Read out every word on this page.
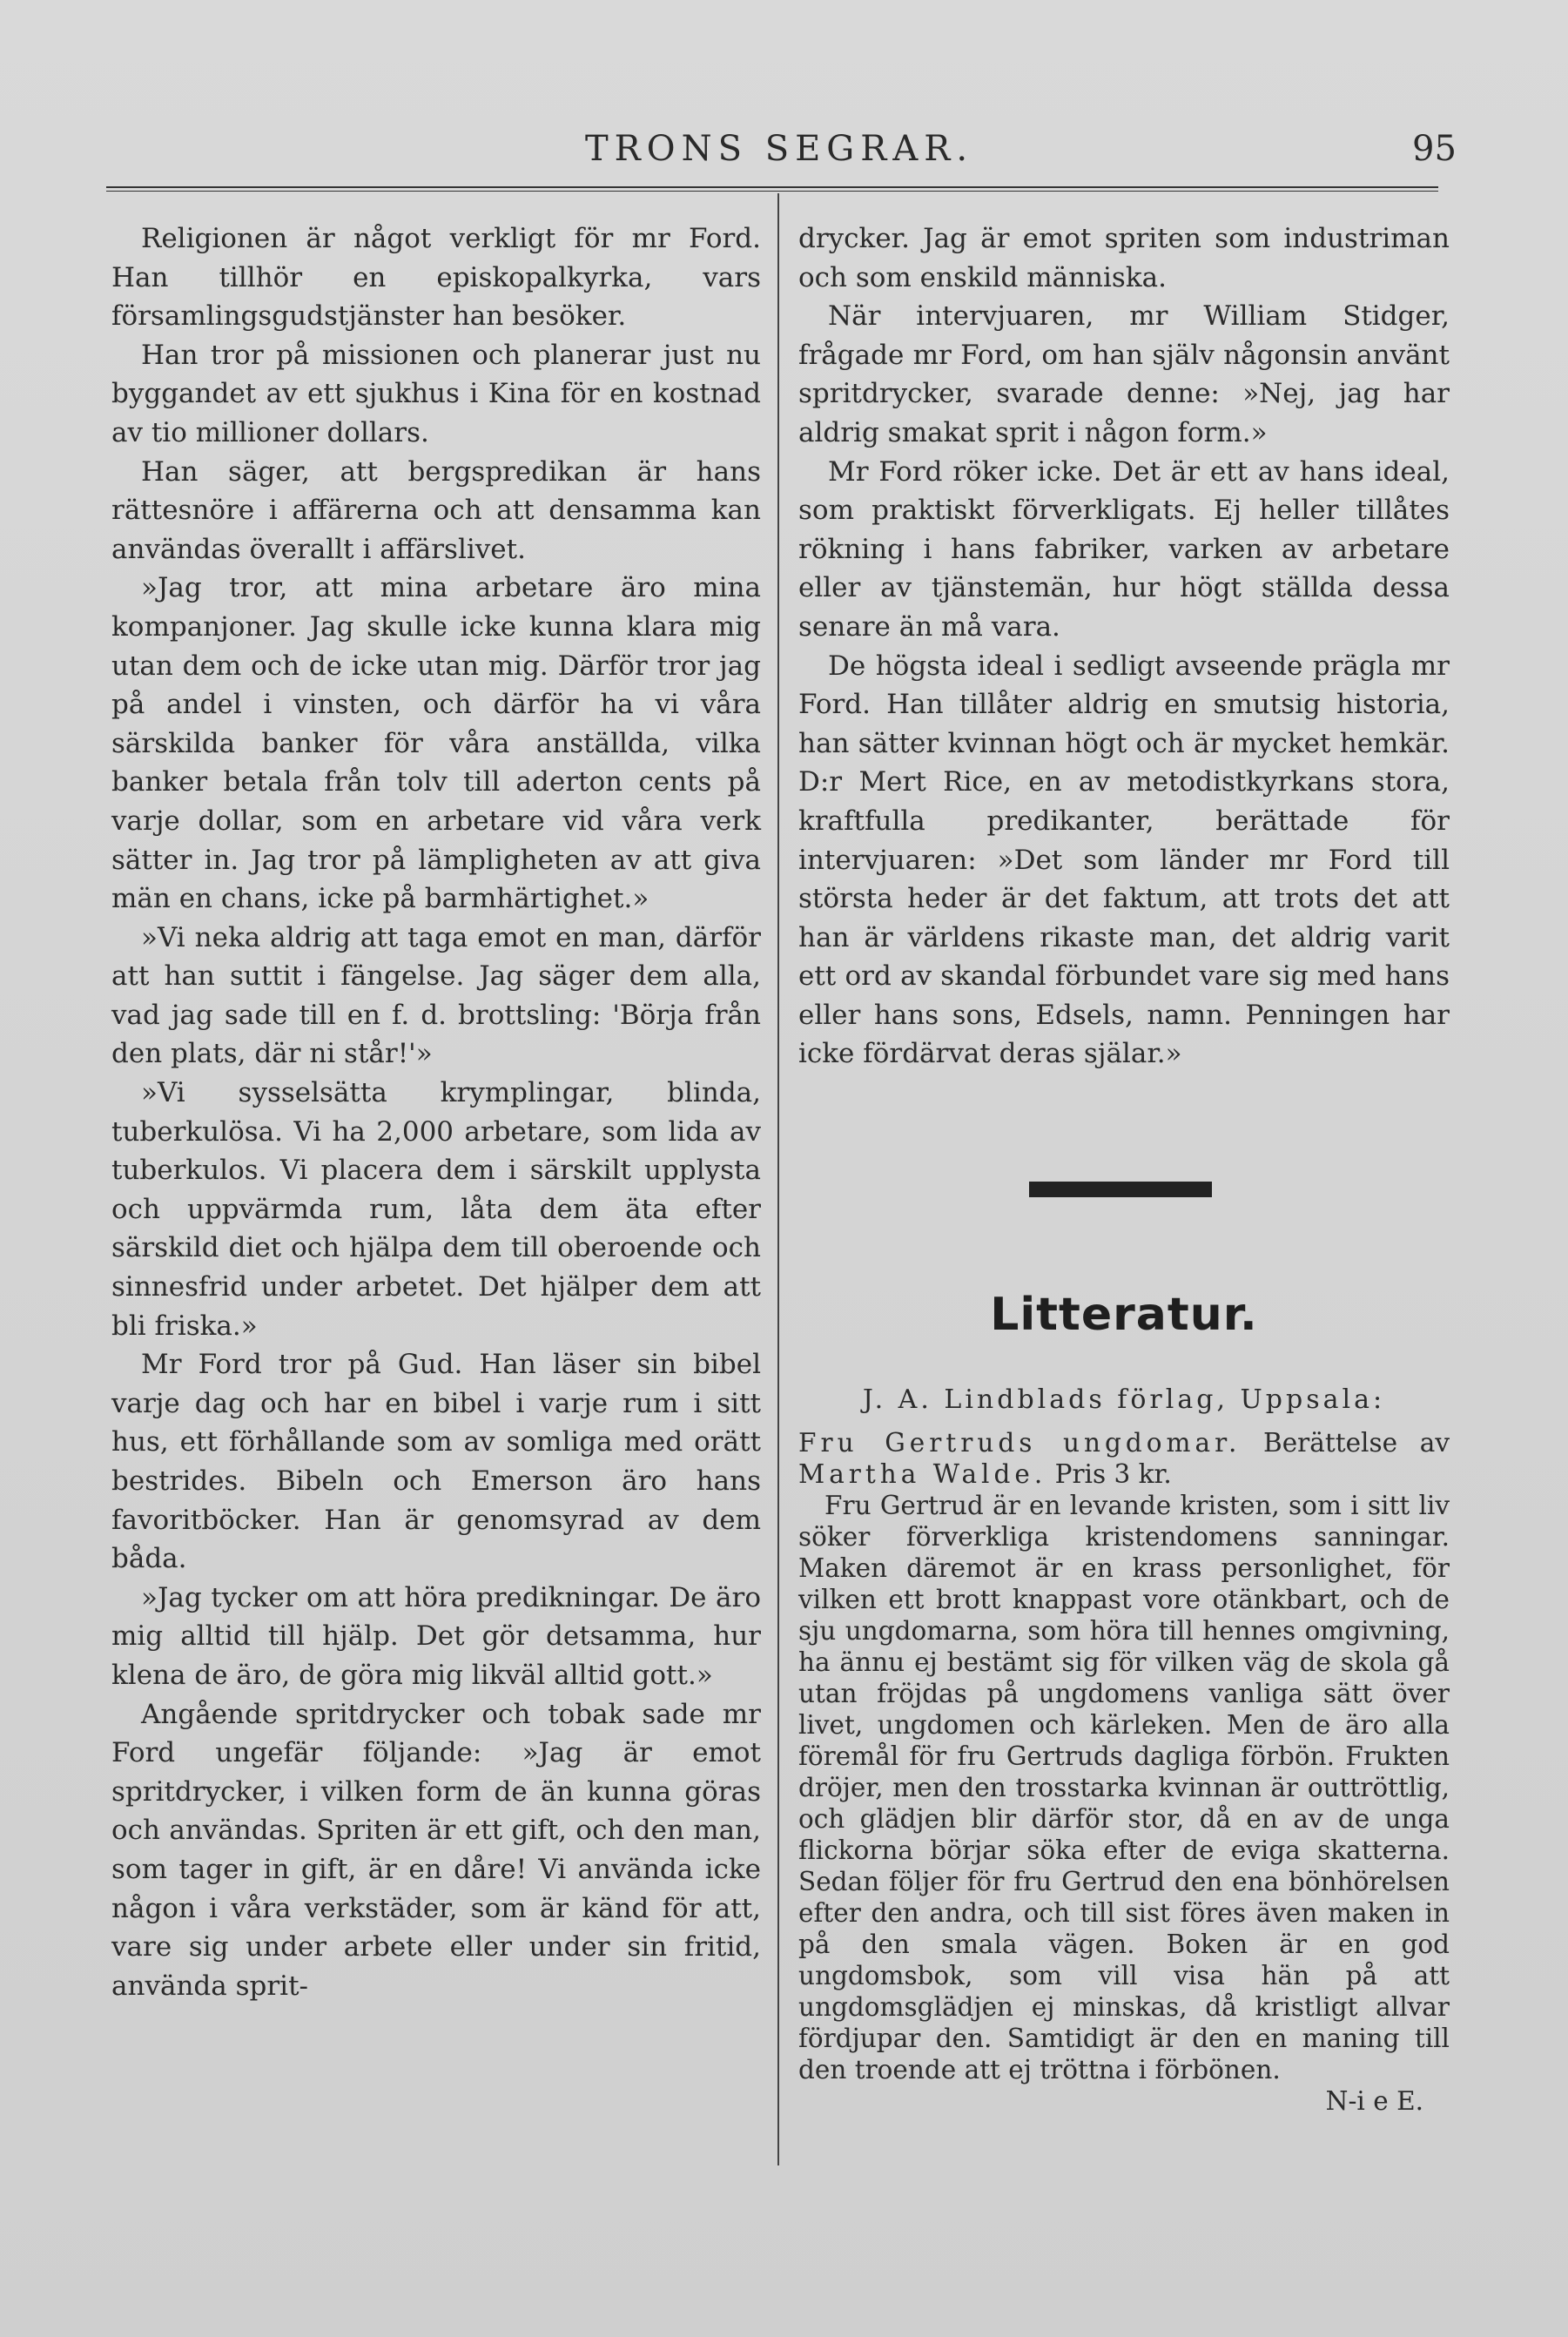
TRONS SEGRAR.	95

Religionen är något verkligt för mr Ford. Han tillhör en episkopalkyrka, vars församlingsgudstjänster han besöker.

Han tror på missionen och planerar just nu byggandet av ett sjukhus i Kina för en kostnad av tio millioner dollars.

Han säger, att bergspredikan är hans rättesnöre i affärerna och att densamma kan användas överallt i affärslivet.

»Jag tror, att mina arbetare äro mina kompanjoner. Jag skulle icke kunna klara mig utan dem och de icke utan mig. Därför tror jag på andel i vinsten, och därför ha vi våra särskilda banker för våra anställda, vilka banker betala från tolv till aderton cents på varje dollar, som en arbetare vid våra verk sätter in. Jag tror på lämpligheten av att giva män en chans, icke på barmhärtighet.»

»Vi neka aldrig att taga emot en man, därför att han suttit i fängelse. Jag säger dem alla, vad jag sade till en f. d. brottsling: 'Börja från den plats, där ni står!'»

»Vi sysselsätta krymplingar, blinda, tuberkulösa. Vi ha 2,000 arbetare, som lida av tuberkulos. Vi placera dem i särskilt upplysta och uppvärmda rum, låta dem äta efter särskild diet och hjälpa dem till oberoende och sinnesfrid under arbetet. Det hjälper dem att bli friska.»

Mr Ford tror på Gud. Han läser sin bibel varje dag och har en bibel i varje rum i sitt hus, ett förhållande som av somliga med orätt bestrides. Bibeln och Emerson äro hans favoritböcker. Han är genomsyrad av dem båda.

»Jag tycker om att höra predikningar. De äro mig alltid till hjälp. Det gör detsamma, hur klena de äro, de göra mig likväl alltid gott.»

Angående spritdrycker och tobak sade mr Ford ungefär följande: »Jag är emot spritdrycker, i vilken form de än kunna göras och användas. Spriten är ett gift, och den man, som tager in gift, är en dåre! Vi använda icke någon i våra verkstäder, som är känd för att, vare sig under arbete eller under sin fritid, använda sprit-

drycker. Jag är emot spriten som industriman och som enskild människa.

När intervjuaren, mr William Stidger, frågade mr Ford, om han själv någonsin använt spritdrycker, svarade denne: »Nej, jag har aldrig smakat sprit i någon form.»

Mr Ford röker icke. Det är ett av hans ideal, som praktiskt förverkligats. Ej heller tillåtes rökning i hans fabriker, varken av arbetare eller av tjänstemän, hur högt ställda dessa senare än må vara.

De högsta ideal i sedligt avseende prägla mr Ford. Han tillåter aldrig en smutsig historia, han sätter kvinnan högt och är mycket hemkär. D:r Mert Rice, en av metodistkyrkans stora, kraftfulla predikanter, berättade för intervjuaren: »Det som länder mr Ford till största heder är det faktum, att trots det att han är världens rikaste man, det aldrig varit ett ord av skandal förbundet vare sig med hans eller hans sons, Edsels, namn. Penningen har icke fördärvat deras själar.»

Litteratur.

J. A. Lindblads förlag, Uppsala:

Fru Gertruds ungdomar. Berättelse av Martha Walde. Pris 3 kr.

Fru Gertrud är en levande kristen, som i sitt liv söker förverkliga kristendomens sanningar. Maken däremot är en krass personlighet, för vilken ett brott knappast vore otänkbart, och de sju ungdomarna, som höra till hennes omgivning, ha ännu ej bestämt sig för vilken väg de skola gå utan fröjdas på ungdomens vanliga sätt över livet, ungdomen och kärleken. Men de äro alla föremål för fru Gertruds dagliga förbön. Frukten dröjer, men den trosstarka kvinnan är outtröttlig, och glädjen blir därför stor, då en av de unga flickorna börjar söka efter de eviga skatterna. Sedan följer för fru Gertrud den ena bönhörelsen efter den andra, och till sist föres även maken in på den smala vägen. Boken är en god ungdomsbok, som vill visa hän på att ungdomsglädjen ej minskas, då kristligt allvar fördjupar den. Samtidigt är den en maning till den troende att ej tröttna i förbönen.

N-i e E.
